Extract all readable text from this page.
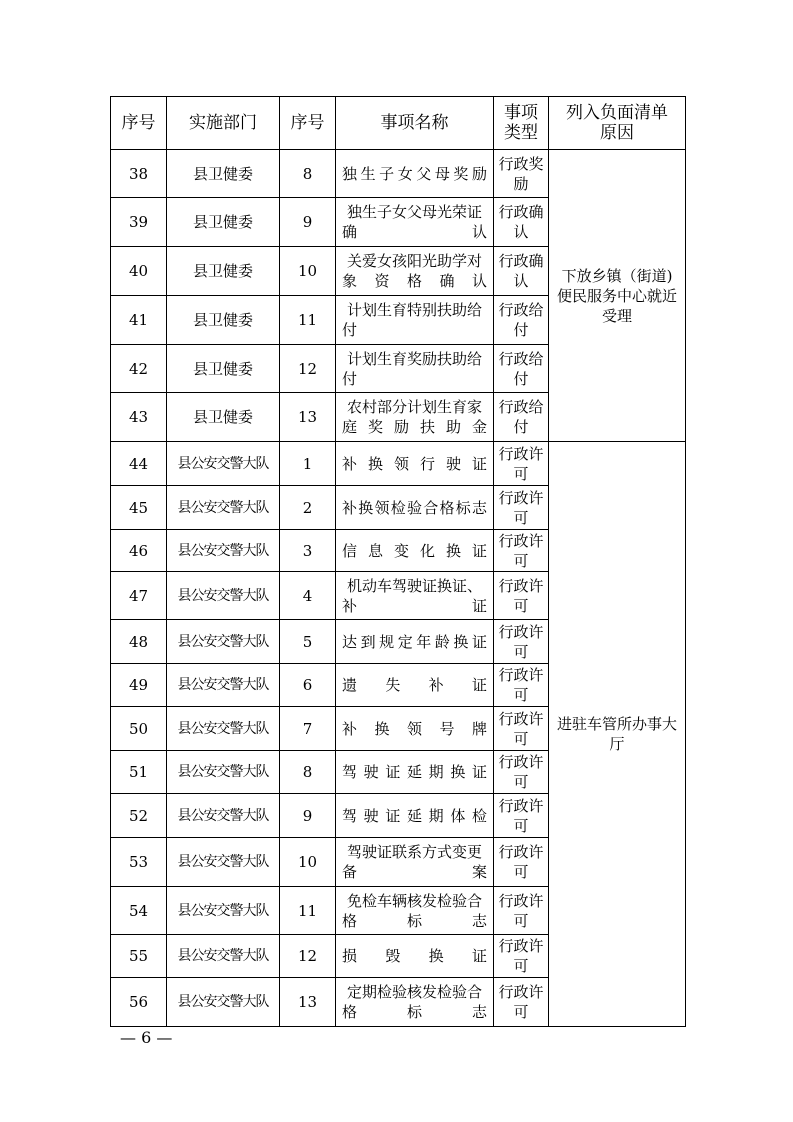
序号	实施部门	序号	事项名称	事项类型	列入负面清单原因
38	县卫健委	8	独生子女父母奖励	行政奖励	下放乡镇（街道)便民服务中心就近受理
39	县卫健委	9	独生子女父母光荣证确认	行政确认	
40	县卫健委	10	关爱女孩阳光助学对象资格确认	行政确认	
41	县卫健委	11	计划生育特别扶助给付	行政给付	
42	县卫健委	12	计划生育奖励扶助给付	行政给付	
43	县卫健委	13	农村部分计划生育家庭奖励扶助金	行政给付	
44	县公安交警大队	1	补换领行驶证	行政许可	进驻车管所办事大厅
45	县公安交警大队	2	补换领检验合格标志	行政许可	
46	县公安交警大队	3	信息变化换证	行政许可	
47	县公安交警大队	4	机动车驾驶证换证、补证	行政许可	
48	县公安交警大队	5	达到规定年龄换证	行政许可	
49	县公安交警大队	6	遗失补证	行政许可	
50	县公安交警大队	7	补换领号牌	行政许可	
51	县公安交警大队	8	驾驶证延期换证	行政许可	
52	县公安交警大队	9	驾驶证延期体检	行政许可	
53	县公安交警大队	10	驾驶证联系方式变更备案	行政许可	
54	县公安交警大队	11	免检车辆核发检验合格标志	行政许可	
55	县公安交警大队	12	损毁换证	行政许可	
56	县公安交警大队	13	定期检验核发检验合格标志	行政许可	
— 6 —
